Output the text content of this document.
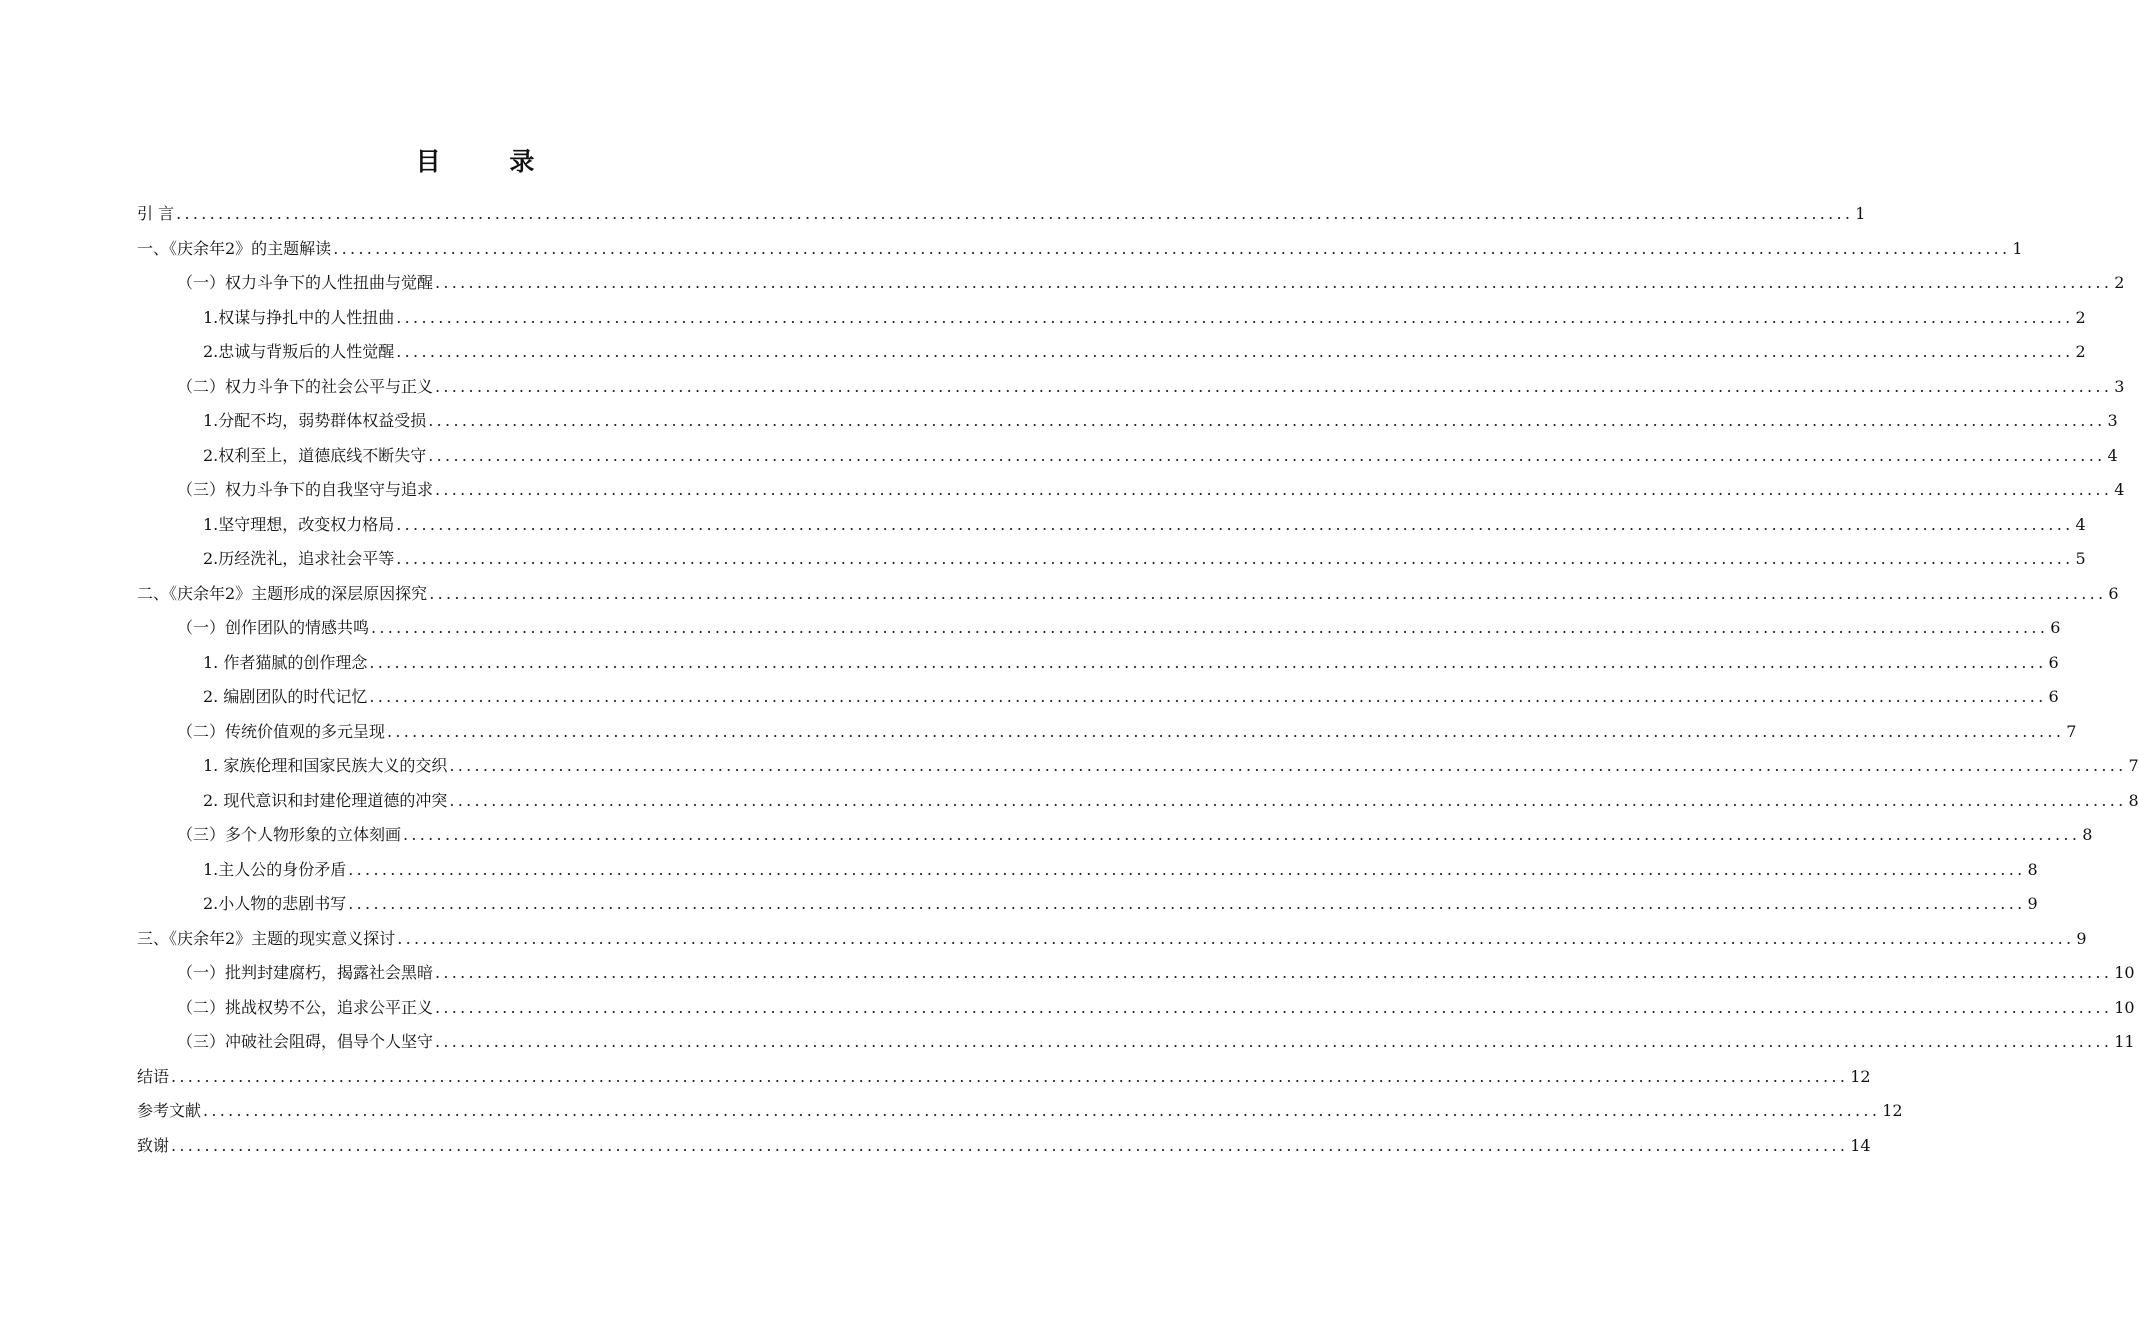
目 录
引 言 ........................................................................................................................................................................................................ 1
一、《庆余年2》的主题解读 ........................................................................................................................................................................................................ 1
（一）权力斗争下的人性扭曲与觉醒 ........................................................................................................................................................................................................ 2
1.权谋与挣扎中的人性扭曲 ........................................................................................................................................................................................................ 2
2.忠诚与背叛后的人性觉醒 ........................................................................................................................................................................................................ 2
（二）权力斗争下的社会公平与正义 ........................................................................................................................................................................................................ 3
1.分配不均，弱势群体权益受损 ........................................................................................................................................................................................................ 3
2.权利至上，道德底线不断失守 ........................................................................................................................................................................................................ 4
（三）权力斗争下的自我坚守与追求 ........................................................................................................................................................................................................ 4
1.坚守理想，改变权力格局 ........................................................................................................................................................................................................ 4
2.历经洗礼，追求社会平等 ........................................................................................................................................................................................................ 5
二、《庆余年2》主题形成的深层原因探究 ........................................................................................................................................................................................................ 6
（一）创作团队的情感共鸣 ........................................................................................................................................................................................................ 6
1. 作者猫腻的创作理念 ........................................................................................................................................................................................................ 6
2. 编剧团队的时代记忆 ........................................................................................................................................................................................................ 6
（二）传统价值观的多元呈现 ........................................................................................................................................................................................................ 7
1. 家族伦理和国家民族大义的交织 ........................................................................................................................................................................................................ 7
2. 现代意识和封建伦理道德的冲突 ........................................................................................................................................................................................................ 8
（三）多个人物形象的立体刻画 ........................................................................................................................................................................................................ 8
1.主人公的身份矛盾 ........................................................................................................................................................................................................ 8
2.小人物的悲剧书写 ........................................................................................................................................................................................................ 9
三、《庆余年2》主题的现实意义探讨 ........................................................................................................................................................................................................ 9
（一）批判封建腐朽，揭露社会黑暗 ........................................................................................................................................................................................................ 10
（二）挑战权势不公，追求公平正义 ........................................................................................................................................................................................................ 10
（三）冲破社会阻碍，倡导个人坚守 ........................................................................................................................................................................................................ 11
结语 ........................................................................................................................................................................................................ 12
参考文献 ........................................................................................................................................................................................................ 12
致谢 ........................................................................................................................................................................................................ 14
